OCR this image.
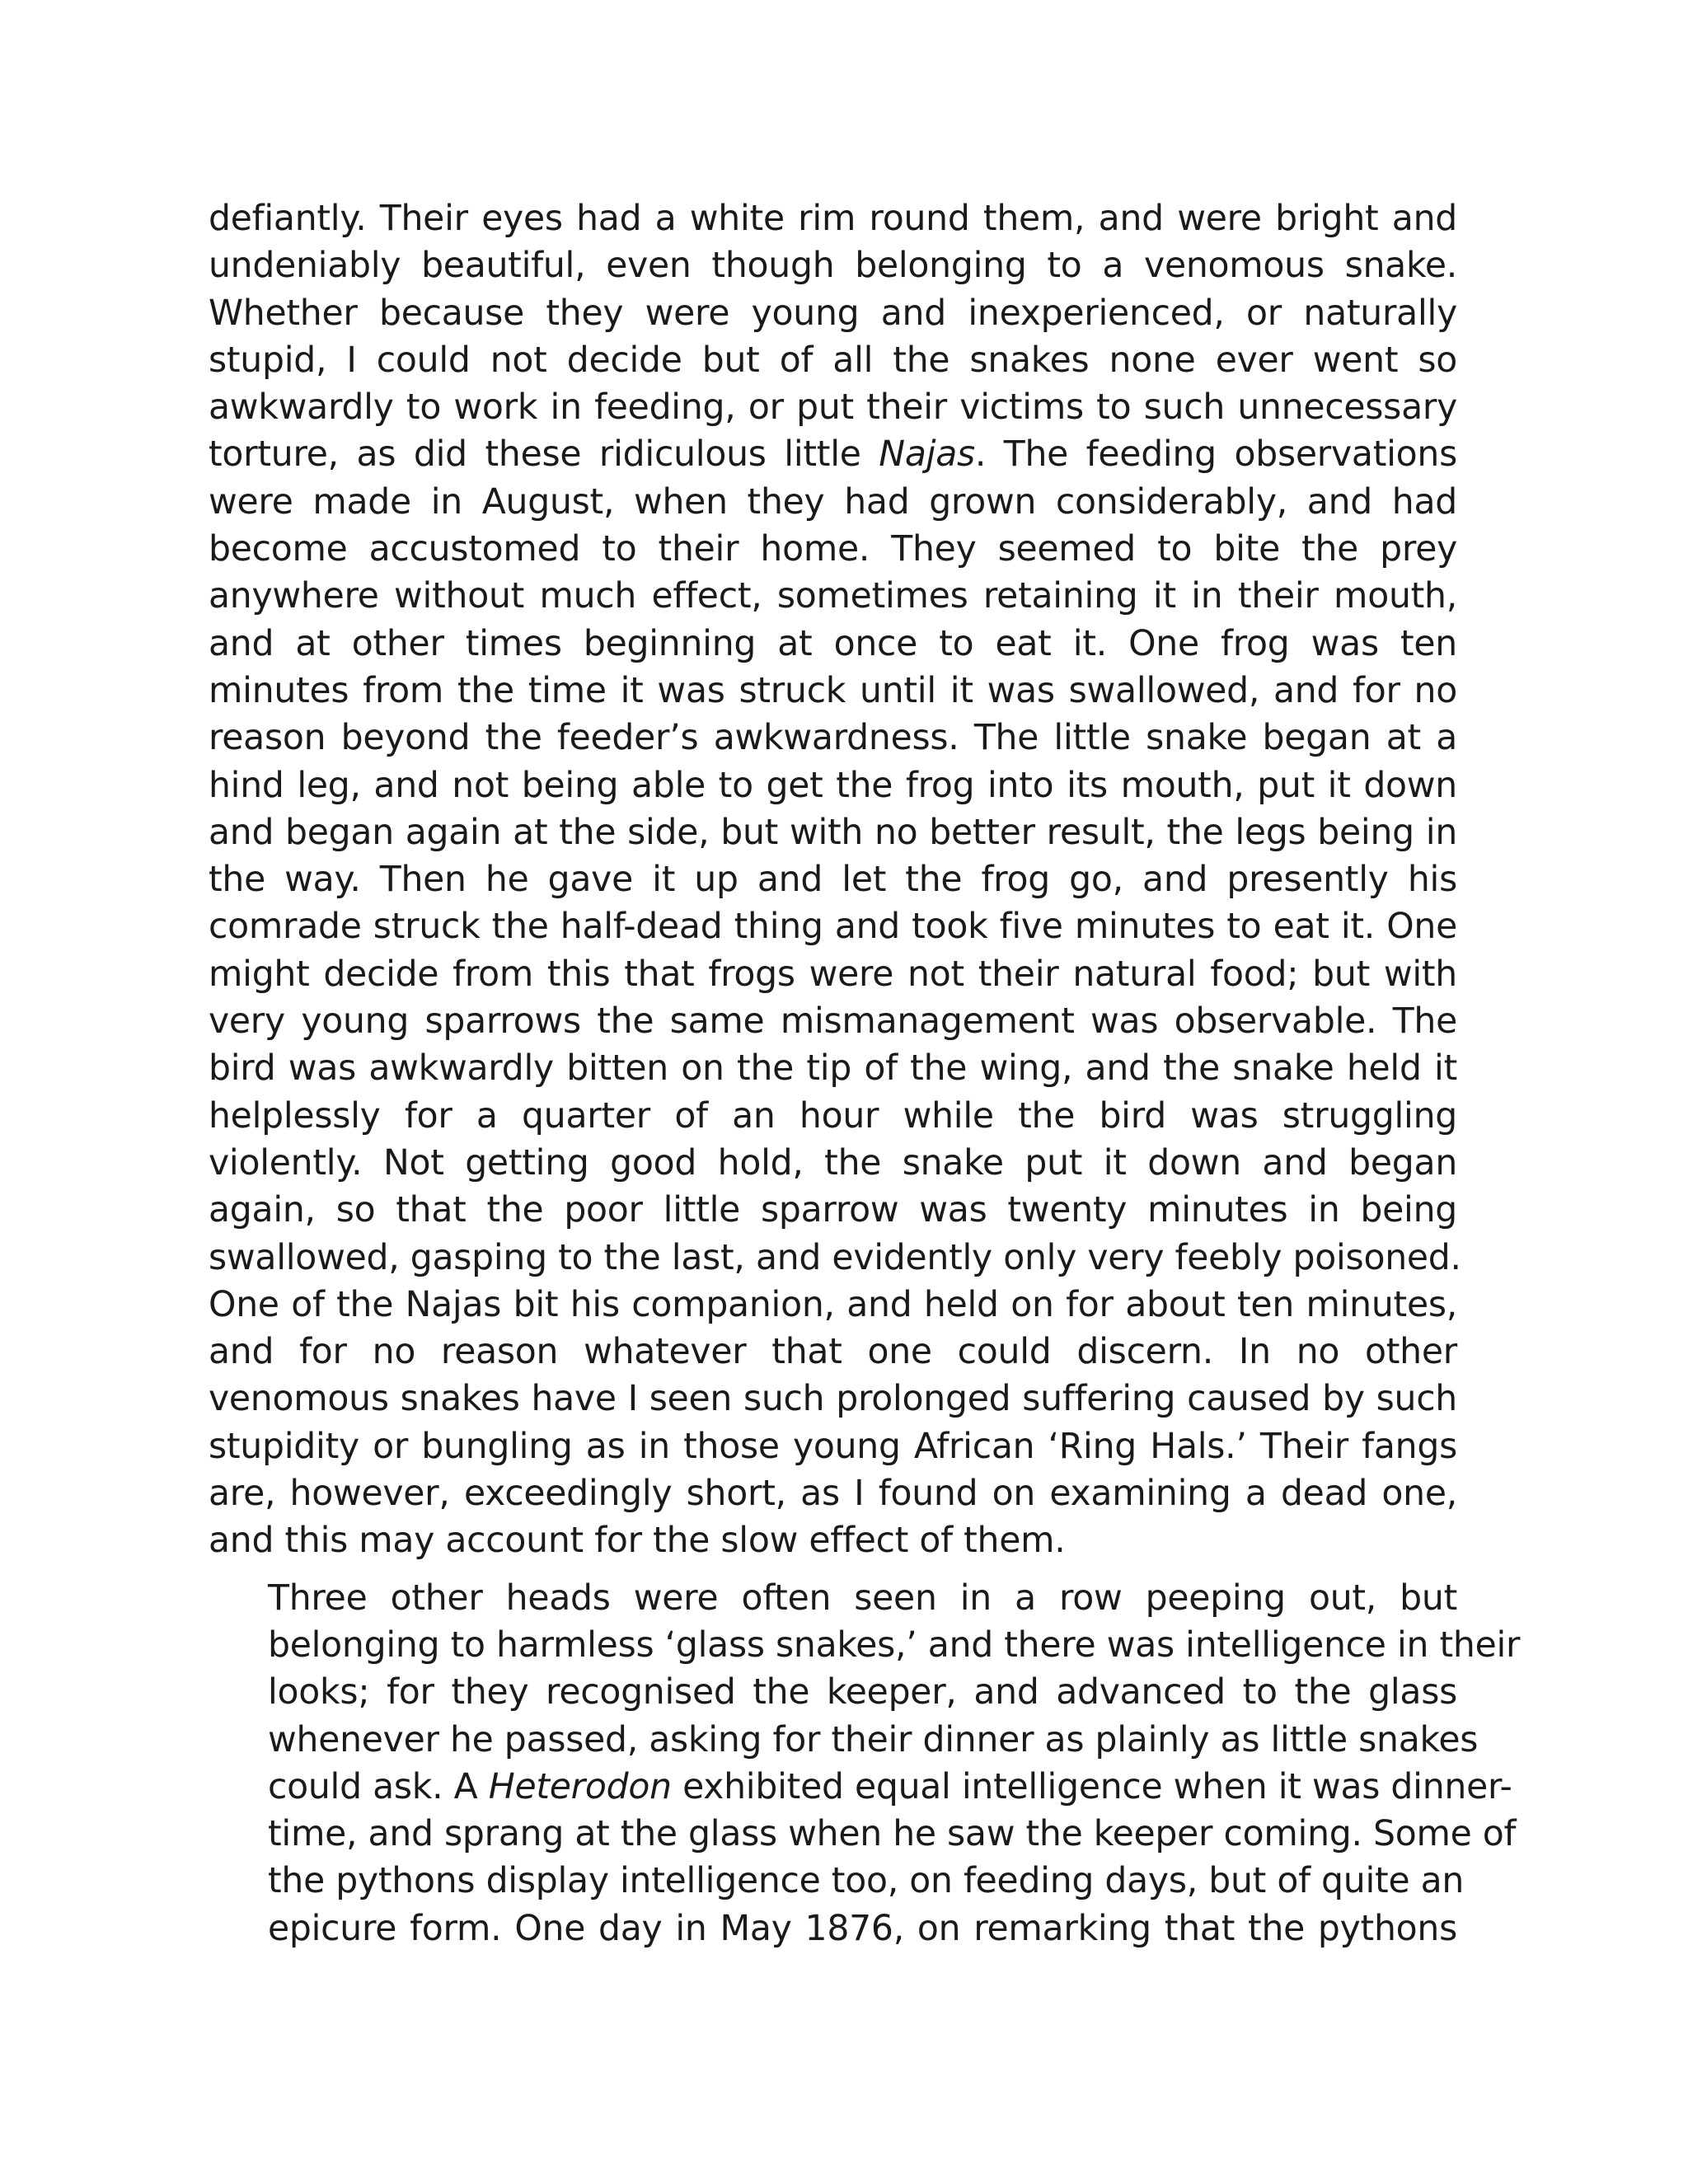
defiantly. Their eyes had a white rim round them, and were bright and
undeniably beautiful, even though belonging to a venomous snake.
Whether because they were young and inexperienced, or naturally
stupid, I could not decide but of all the snakes none ever went so
awkwardly to work in feeding, or put their victims to such unnecessary
torture, as did these ridiculous little Najas. The feeding observations
were made in August, when they had grown considerably, and had
become accustomed to their home. They seemed to bite the prey
anywhere without much effect, sometimes retaining it in their mouth,
and at other times beginning at once to eat it. One frog was ten
minutes from the time it was struck until it was swallowed, and for no
reason beyond the feeder’s awkwardness. The little snake began at a
hind leg, and not being able to get the frog into its mouth, put it down
and began again at the side, but with no better result, the legs being in
the way. Then he gave it up and let the frog go, and presently his
comrade struck the half-dead thing and took five minutes to eat it. One
might decide from this that frogs were not their natural food; but with
very young sparrows the same mismanagement was observable. The
bird was awkwardly bitten on the tip of the wing, and the snake held it
helplessly for a quarter of an hour while the bird was struggling
violently. Not getting good hold, the snake put it down and began
again, so that the poor little sparrow was twenty minutes in being
swallowed, gasping to the last, and evidently only very feebly poisoned.
One of the Najas bit his companion, and held on for about ten minutes,
and for no reason whatever that one could discern. In no other
venomous snakes have I seen such prolonged suffering caused by such
stupidity or bungling as in those young African ‘Ring Hals.’ Their fangs
are, however, exceedingly short, as I found on examining a dead one,
and this may account for the slow effect of them.

Three other heads were often seen in a row peeping out, but
belonging to harmless ‘glass snakes,’ and there was intelligence in their
looks; for they recognised the keeper, and advanced to the glass
whenever he passed, asking for their dinner as plainly as little snakes
could ask. A Heterodon exhibited equal intelligence when it was dinner-
time, and sprang at the glass when he saw the keeper coming. Some of
the pythons display intelligence too, on feeding days, but of quite an
epicure form. One day in May 1876, on remarking that the pythons
